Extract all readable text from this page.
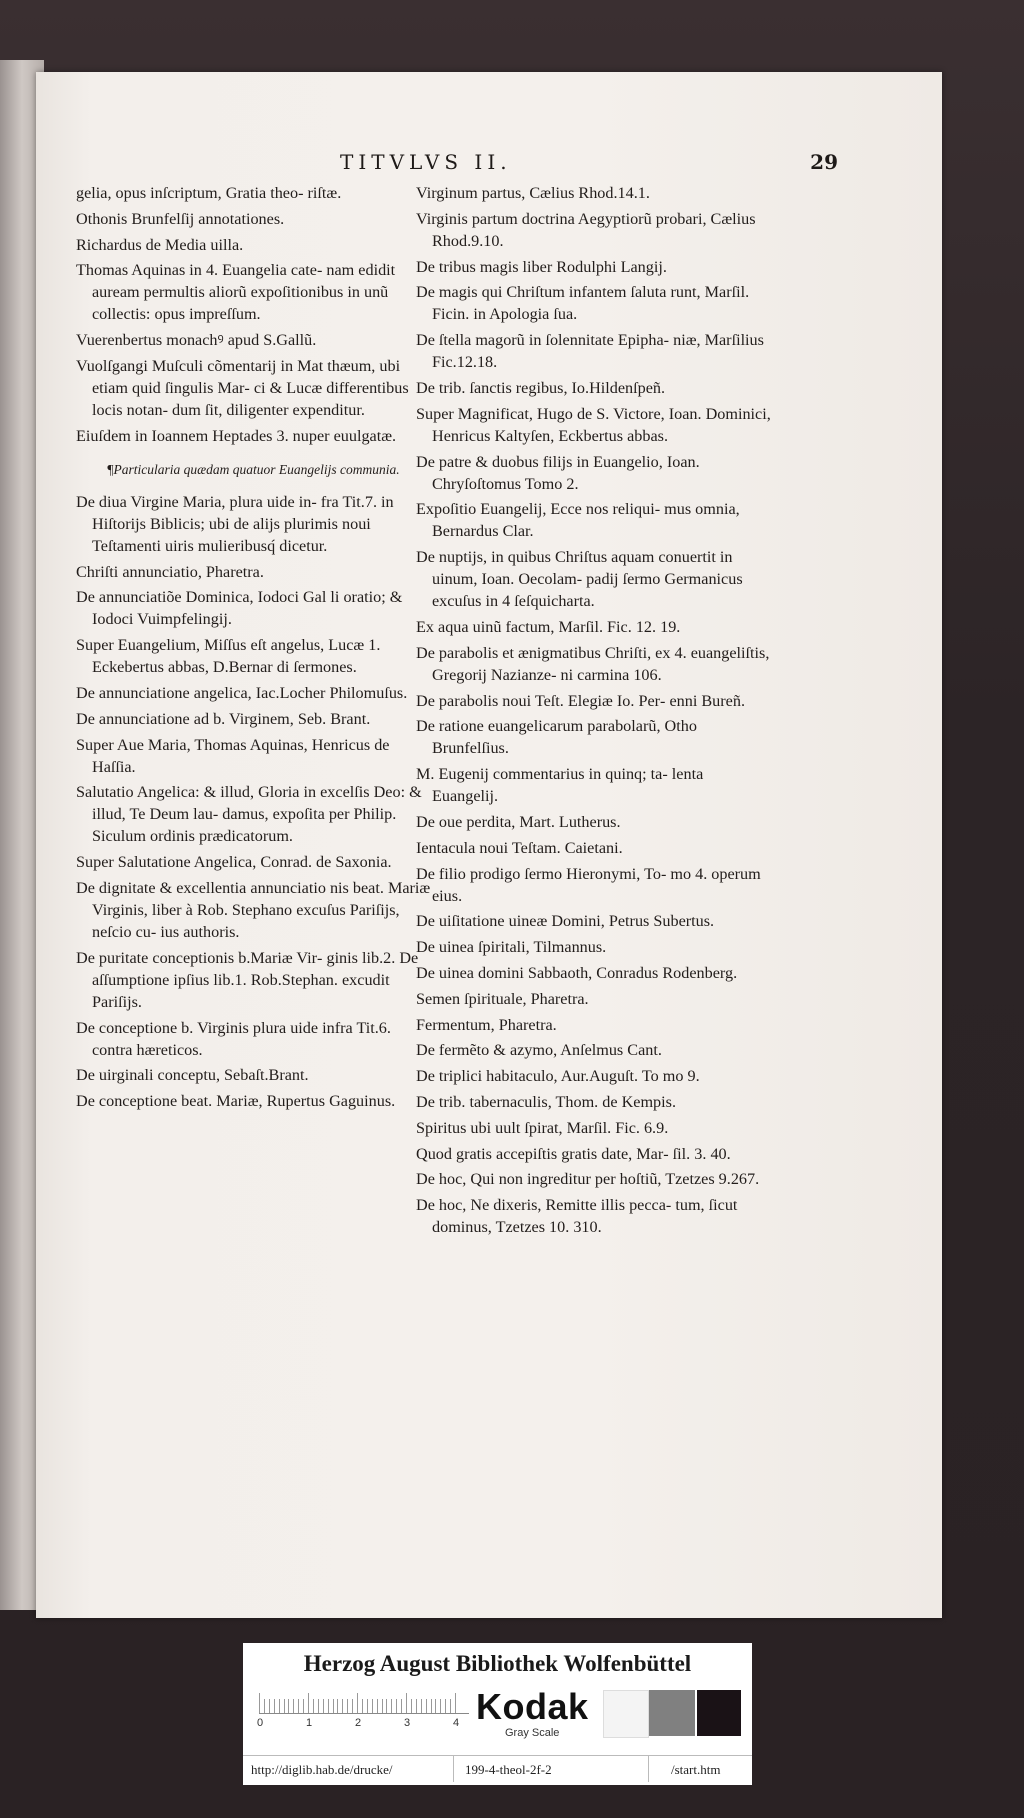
TITVLVS II.	29
gelia, opus inſcriptum, Gratia theo‐ riſtæ.
Othonis Brunfelſij annotationes.
Richardus de Media uilla.
Thomas Aquinas in 4. Euangelia cate‐ nam edidit auream permultis aliorũ expoſitionibus in unũ collectis: opus impreſſum.
Vuerenbertus monachꝰ apud S.Gallũ.
Vuolſgangi Muſculi cõmentarij in Mat thæum, ubi etiam quid ſingulis Mar‐ ci & Lucæ differentibus locis notan‐ dum ſit, diligenter expenditur.
Eiuſdem in Ioannem Heptades 3. nuper euulgatæ.
¶Particularia quædam quatuor Euangelijs communia.
De diua Virgine Maria, plura uide in‐ fra Tit.7. in Hiſtorijs Biblicis; ubi de alijs plurimis noui Teſtamenti uiris mulieribusq́ dicetur.
Chriſti annunciatio, Pharetra.
De annunciatiõe Dominica, Iodoci Gal li oratio; & Iodoci Vuimpfelingij.
Super Euangelium, Miſſus eſt angelus, Lucæ 1. Eckebertus abbas, D.Bernar di ſermones.
De annunciatione angelica, Iac.Locher Philomuſus.
De annunciatione ad b. Virginem, Seb. Brant.
Super Aue Maria, Thomas Aquinas, Henricus de Haſſia.
Salutatio Angelica: & illud, Gloria in excelſis Deo: & illud, Te Deum lau‐ damus, expoſita per Philip. Siculum ordinis prædicatorum.
Super Salutatione Angelica, Conrad. de Saxonia.
De dignitate & excellentia annunciatio nis beat. Mariæ Virginis, liber à Rob. Stephano excuſus Pariſijs, neſcio cu‐ ius authoris.
De puritate conceptionis b.Mariæ Vir‐ ginis lib.2. De aſſumptione ipſius lib.1. Rob.Stephan. excudit Pariſijs.
De conceptione b. Virginis plura uide infra Tit.6. contra hæreticos.
De uirginali conceptu, Sebaſt.Brant.
De conceptione beat. Mariæ, Rupertus Gaguinus.
Virginum partus, Cælius Rhod.14.1.
Virginis partum doctrina Aegyptiorũ probari, Cælius Rhod.9.10.
De tribus magis liber Rodulphi Langij.
De magis qui Chriſtum infantem ſaluta runt, Marſil. Ficin. in Apologia ſua.
De ſtella magorũ in ſolennitate Epipha‐ niæ, Marſilius Fic.12.18.
De trib. ſanctis regibus, Io.Hildenſpeñ.
Super Magnificat, Hugo de S. Victore, Ioan. Dominici, Henricus Kaltyſen, Eckbertus abbas.
De patre & duobus filijs in Euangelio, Ioan. Chryſoſtomus Tomo 2.
Expoſitio Euangelij, Ecce nos reliqui‐ mus omnia, Bernardus Clar.
De nuptijs, in quibus Chriſtus aquam conuertit in uinum, Ioan. Oecolam‐ padij ſermo Germanicus excuſus in 4 ſeſquicharta.
Ex aqua uinũ factum, Marſil. Fic. 12. 19.
De parabolis et ænigmatibus Chriſti, ex 4. euangeliſtis, Gregorij Nazianze‐ ni carmina 106.
De parabolis noui Teſt. Elegiæ Io. Per‐ enni Bureñ.
De ratione euangelicarum parabolarũ, Otho Brunfelſius.
M. Eugenij commentarius in quinq; ta‐ lenta Euangelij.
De oue perdita, Mart. Lutherus.
Ientacula noui Teſtam. Caietani.
De filio prodigo ſermo Hieronymi, To‐ mo 4. operum eius.
De uiſitatione uineæ Domini, Petrus Subertus.
De uinea ſpiritali, Tilmannus.
De uinea domini Sabbaoth, Conradus Rodenberg.
Semen ſpirituale, Pharetra.
Fermentum, Pharetra.
De fermẽto & azymo, Anſelmus Cant.
De triplici habitaculo, Aur.Auguſt. To mo 9.
De trib. tabernaculis, Thom. de Kempis.
Spiritus ubi uult ſpirat, Marſil. Fic. 6.9.
Quod gratis accepiſtis gratis date, Mar‐ ſil. 3. 40.
De hoc, Qui non ingreditur per hoſtiũ, Tzetzes 9.267.
De hoc, Ne dixeris, Remitte illis pecca‐ tum, ſicut dominus, Tzetzes 10. 310.
Herzog August Bibliothek Wolfenbüttel
0	1	2	3	4 Kodak
Gray Scale
http://diglib.hab.de/drucke/	199-4-theol-2f-2	/start.htm
